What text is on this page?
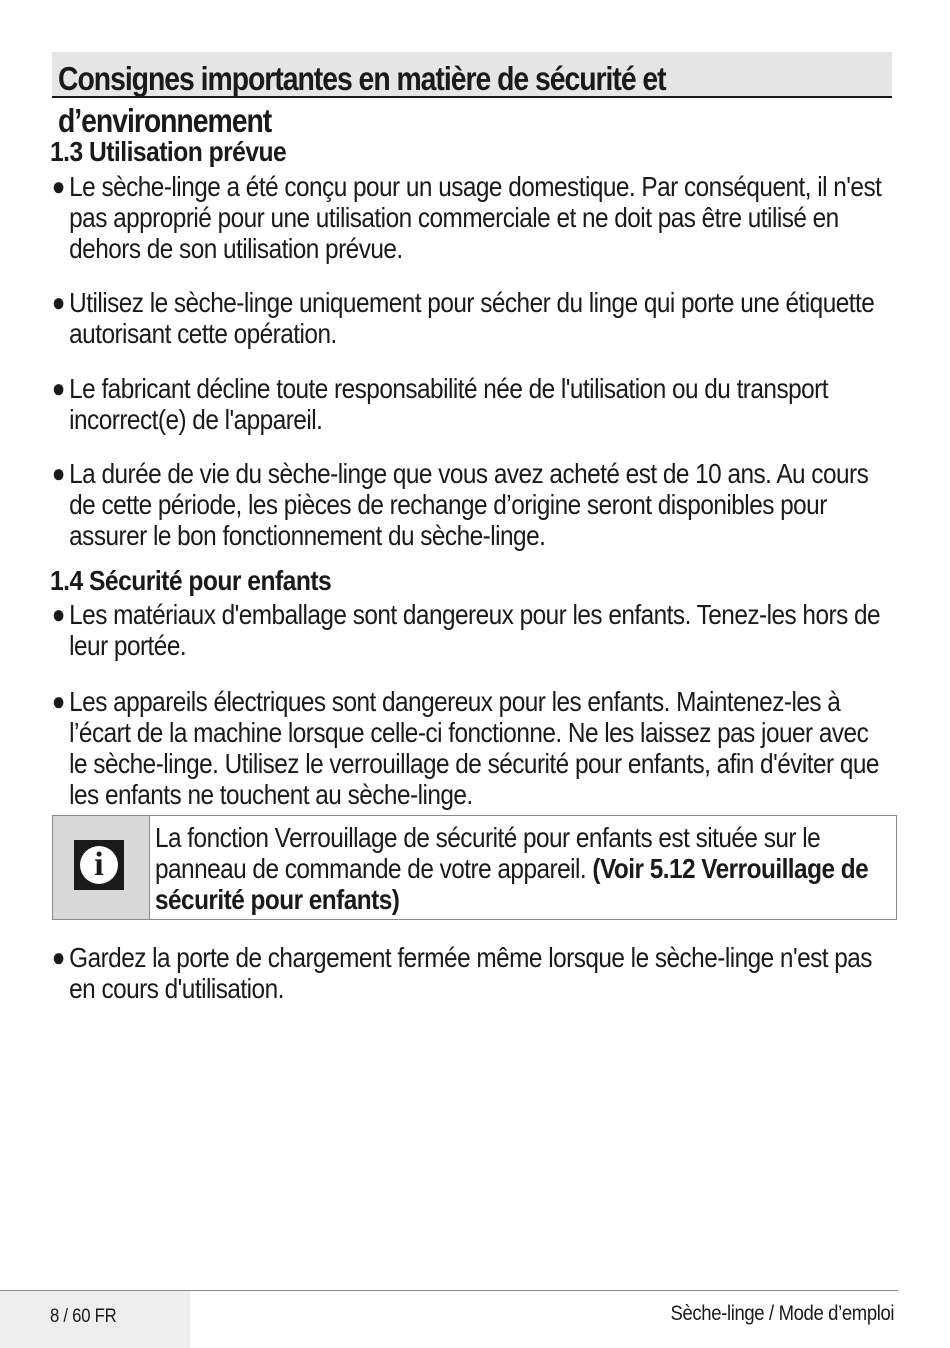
Consignes importantes en matière de sécurité et
d’environnement
1.3 Utilisation prévue
● Le sèche-linge a été conçu pour un usage domestique. Par conséquent, il n'est pas approprié pour une utilisation commerciale et ne doit pas être utilisé en dehors de son utilisation prévue.
● Utilisez le sèche-linge uniquement pour sécher du linge qui porte une étiquette autorisant cette opération.
● Le fabricant décline toute responsabilité née de l'utilisation ou du transport incorrect(e) de l'appareil.
● La durée de vie du sèche-linge que vous avez acheté est de 10 ans. Au cours de cette période, les pièces de rechange d’origine seront disponibles pour assurer le bon fonctionnement du sèche-linge.
1.4 Sécurité pour enfants
● Les matériaux d'emballage sont dangereux pour les enfants. Tenez-les hors de leur portée.
● Les appareils électriques sont dangereux pour les enfants. Maintenez-les à l’écart de la machine lorsque celle-ci fonctionne. Ne les laissez pas jouer avec le sèche-linge. Utilisez le verrouillage de sécurité pour enfants, afin d'éviter que les enfants ne touchent au sèche-linge.
● Gardez la porte de chargement fermée même lorsque le sèche-linge n'est pas en cours d'utilisation.
i
La fonction Verrouillage de sécurité pour enfants est située sur le panneau de commande de votre appareil. (Voir 5.12 Verrouillage de sécurité pour enfants)
8 / 60 FR	Sèche-linge / Mode d’emploi
